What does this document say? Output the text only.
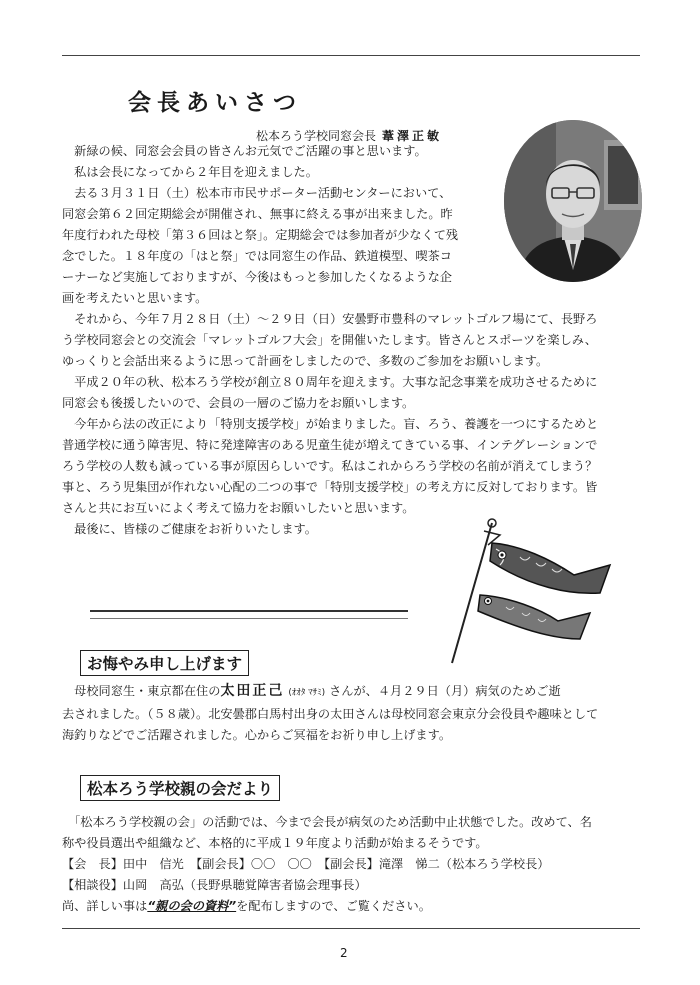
会長あいさつ
松本ろう学校同窓会長 葦澤正敏

　新緑の候、同窓会会員の皆さんお元気でご活躍の事と思います。

　私は会長になってから２年目を迎えました。

　去る３月３１日（土）松本市市民サポーター活動センターにおいて、

同窓会第６２回定期総会が開催され、無事に終える事が出来ました。昨

年度行われた母校「第３６回はと祭」。定期総会では参加者が少なくて残

念でした。１８年度の「はと祭」では同窓生の作品、鉄道模型、喫茶コ

ーナーなど実施しておりますが、今後はもっと参加したくなるような企

画を考えたいと思います。

　それから、今年７月２８日（土）～２９日（日）安曇野市豊科のマレットゴルフ場にて、長野ろ

う学校同窓会との交流会「マレットゴルフ大会」を開催いたします。皆さんとスポーツを楽しみ、

ゆっくりと会話出来るように思って計画をしましたので、多数のご参加をお願いします。

　平成２０年の秋、松本ろう学校が創立８０周年を迎えます。大事な記念事業を成功させるために

同窓会も後援したいので、会員の一層のご協力をお願いします。

　今年から法の改正により「特別支援学校」が始まりました。盲、ろう、養護を一つにするためと

普通学校に通う障害児、特に発達障害のある児童生徒が増えてきている事、インテグレーションで

ろう学校の人数も減っている事が原因らしいです。私はこれからろう学校の名前が消えてしまう？

事と、ろう児集団が作れない心配の二つの事で「特別支援学校」の考え方に反対しております。皆

さんと共にお互いによく考えて協力をお願いしたいと思います。

　最後に、皆様のご健康をお祈りいたします。

お悔やみ申し上げます

　母校同窓生・東京都在住の太田正己 (ｵｵﾀ ﾏｻﾐ) さんが、４月２９日（月）病気のためご逝

去されました。（５８歳）。北安曇郡白馬村出身の太田さんは母校同窓会東京分会役員や趣味として

海釣りなどでご活躍されました。心からご冥福をお祈り申し上げます。

松本ろう学校親の会だより

　「松本ろう学校親の会」の活動では、今まで会長が病気のため活動中止状態でした。改めて、名

称や役員選出や組織など、本格的に平成１９年度より活動が始まるそうです。

【会　長】田中　信光　【副会長】〇〇　〇〇　【副会長】滝澤　悌二（松本ろう学校長）

【相談役】山岡　高弘（長野県聴覚障害者協会理事長）

尚、詳しい事は“親の会の資料”を配布しますので、ご覧ください。

2
